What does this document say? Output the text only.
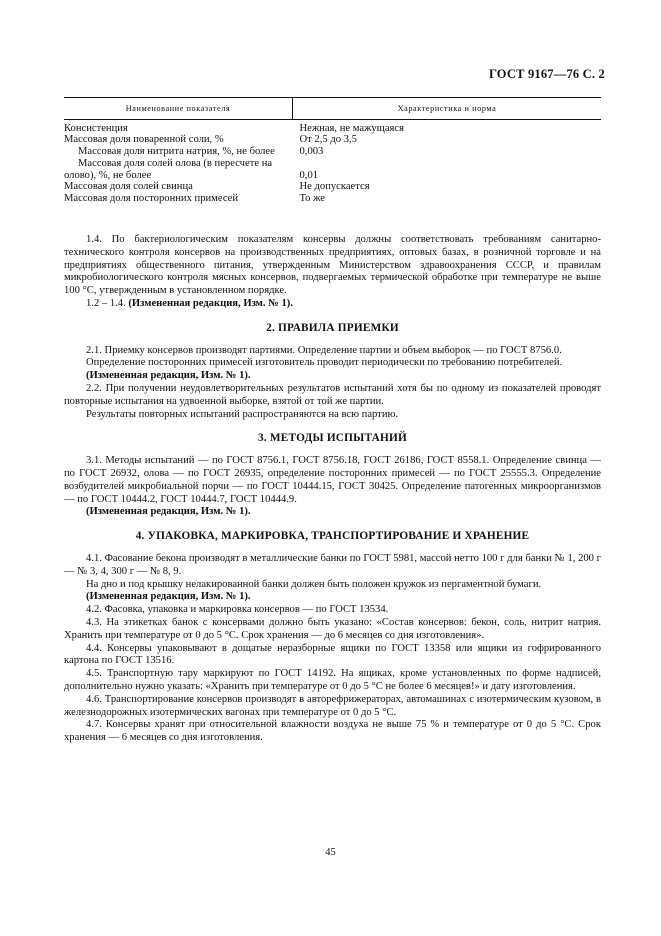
ГОСТ 9167—76 С. 2
Наименование показателя	Характеристика и норма
Консистенция	Нежная, не мажущаяся
Массовая доля поваренной соли, %	От 2,5 до 3,5
Массовая доля нитрита натрия, %, не более	0,003
Массовая доля солей олова (в пересчете на олово), %, не более	0,01
Массовая доля солей свинца	Не допускается
Массовая доля посторонних примесей	То же

1.4. По бактериологическим показателям консервы должны соответствовать требованиям санитарно-технического контроля консервов на производственных предприятиях, оптовых базах, в розничной торговле и на предприятиях общественного питания, утвержденным Министерством здравоохранения СССР, и правилам микробиологического контроля мясных консервов, подвергаемых термической обработке при температуре не выше 100 °С, утвержденным в установленном порядке.

1.2 – 1.4. (Измененная редакция, Изм. № 1).

2. ПРАВИЛА ПРИЕМКИ

2.1. Приемку консервов производят партиями. Определение партии и объем выборок — по ГОСТ 8756.0.

Определение посторонних примесей изготовитель проводит периодически по требованию потребителей.

(Измененная редакция, Изм. № 1).

2.2. При получении неудовлетворительных результатов испытаний хотя бы по одному из показателей проводят повторные испытания на удвоенной выборке, взятой от той же партии.

Результаты повторных испытаний распространяются на всю партию.

3. МЕТОДЫ ИСПЫТАНИЙ

3.1. Методы испытаний — по ГОСТ 8756.1, ГОСТ 8756.18, ГОСТ 26186, ГОСТ 8558.1. Определение свинца — по ГОСТ 26932, олова — по ГОСТ 26935, определение посторонних примесей — по ГОСТ 25555.3. Определение возбудителей микробиальной порчи — по ГОСТ 10444.15, ГОСТ 30425. Определение патогенных микроорганизмов — по ГОСТ 10444.2, ГОСТ 10444.7, ГОСТ 10444.9.

(Измененная редакция, Изм. № 1).

4. УПАКОВКА, МАРКИРОВКА, ТРАНСПОРТИРОВАНИЕ И ХРАНЕНИЕ

4.1. Фасование бекона производят в металлические банки по ГОСТ 5981, массой нетто 100 г для банки № 1, 200 г — № 3, 4, 300 г — № 8, 9.

На дно и под крышку нелакированной банки должен быть положен кружок из пергаментной бумаги.

(Измененная редакция, Изм. № 1).

4.2. Фасовка, упаковка и маркировка консервов — по ГОСТ 13534.

4.3. На этикетках банок с консервами должно быть указано: «Состав консервов: бекон, соль, нитрит натрия. Хранить при температуре от 0 до 5 °С. Срок хранения — до 6 месяцев со дня изготовления».

4.4. Консервы упаковывают в дощатые неразборные ящики по ГОСТ 13358 или ящики из гофрированного картона по ГОСТ 13516.

4.5. Транспортную тару маркируют по ГОСТ 14192. На ящиках, кроме установленных по форме надписей, дополнительно нужно указать: «Хранить при температуре от 0 до 5 °С не более 6 месяцев!» и дату изготовления.

4.6. Транспортирование консервов производят в авторефрижераторах, автомашинах с изотермическим кузовом, в железнодорожных изотермических вагонах при температуре от 0 до 5 °С.

4.7. Консервы хранят при относительной влажности воздуха не выше 75 % и температуре от 0 до 5 °С. Срок хранения — 6 месяцев со дня изготовления.

45
